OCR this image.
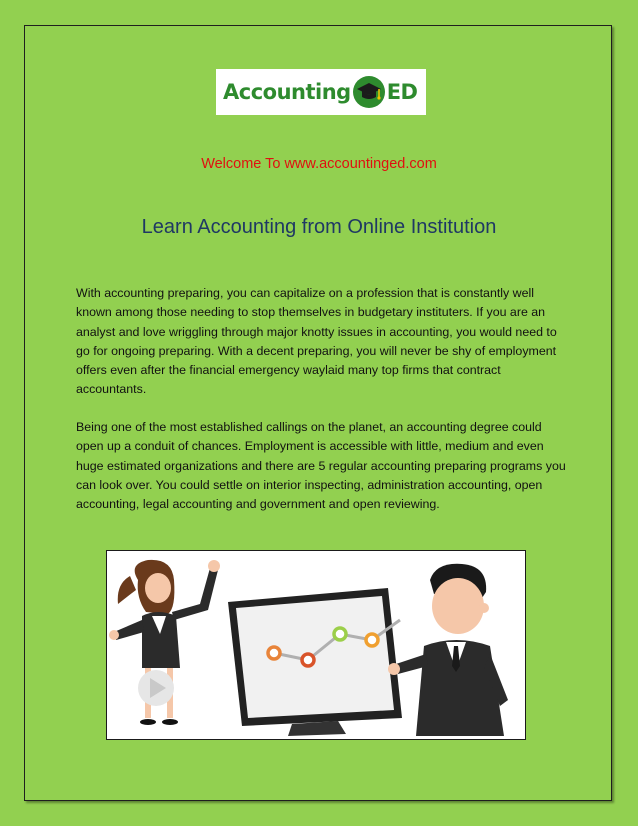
Accounting ED
Welcome To www.accountinged.com
Learn Accounting from Online Institution

With accounting preparing, you can capitalize on a profession that is constantly well known among those needing to stop themselves in budgetary instituters. If you are an analyst and love wriggling through major knotty issues in accounting, you would need to go for ongoing preparing. With a decent preparing, you will never be shy of employment offers even after the financial emergency waylaid many top firms that contract accountants.

Being one of the most established callings on the planet, an accounting degree could open up a conduit of chances. Employment is accessible with little, medium and even huge estimated organizations and there are 5 regular accounting preparing programs you can look over. You could settle on interior inspecting, administration accounting, open accounting, legal accounting and government and open reviewing.
